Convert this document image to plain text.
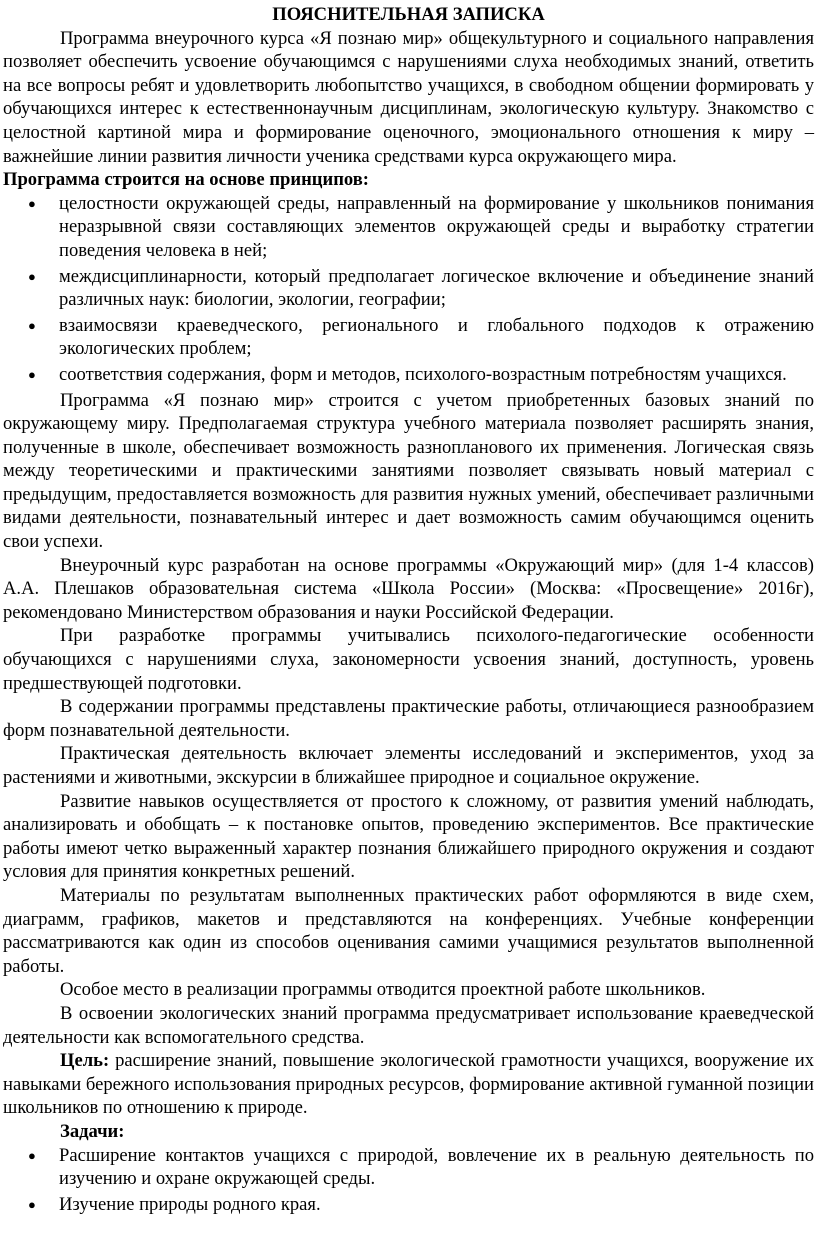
ПОЯСНИТЕЛЬНАЯ ЗАПИСКА

Программа внеурочного курса «Я познаю мир» общекультурного и социального направления позволяет обеспечить усвоение обучающимся с нарушениями слуха необходимых знаний, ответить на все вопросы ребят и удовлетворить любопытство учащихся, в свободном общении формировать у обучающихся интерес к естественнонаучным дисциплинам, экологическую культуру. Знакомство с целостной картиной мира и формирование оценочного, эмоционального отношения к миру – важнейшие линии развития личности ученика средствами курса окружающего мира.

Программа строится на основе принципов:

● целостности окружающей среды, направленный на формирование у школьников понимания неразрывной связи составляющих элементов окружающей среды и выработку стратегии поведения человека в ней;
● междисциплинарности, который предполагает логическое включение и объединение знаний различных наук: биологии, экологии, географии;
● взаимосвязи краеведческого, регионального и глобального подходов к отражению экологических проблем;
● соответствия содержания, форм и методов, психолого-возрастным потребностям учащихся.

Программа «Я познаю мир» строится с учетом приобретенных базовых знаний по окружающему миру. Предполагаемая структура учебного материала позволяет расширять знания, полученные в школе, обеспечивает возможность разнопланового их применения. Логическая связь между теоретическими и практическими занятиями позволяет связывать новый материал с предыдущим, предоставляется возможность для развития нужных умений, обеспечивает различными видами деятельности, познавательный интерес и дает возможность самим обучающимся оценить свои успехи.

Внеурочный курс разработан на основе программы «Окружающий мир» (для 1-4 классов) А.А. Плешаков образовательная система «Школа России» (Москва: «Просвещение» 2016г), рекомендовано Министерством образования и науки Российской Федерации.

При разработке программы учитывались психолого-педагогические особенности обучающихся с нарушениями слуха, закономерности усвоения знаний, доступность, уровень предшествующей подготовки.

В содержании программы представлены практические работы, отличающиеся разнообразием форм познавательной деятельности.

Практическая деятельность включает элементы исследований и экспериментов, уход за растениями и животными, экскурсии в ближайшее природное и социальное окружение.

Развитие навыков осуществляется от простого к сложному, от развития умений наблюдать, анализировать и обобщать – к постановке опытов, проведению экспериментов. Все практические работы имеют четко выраженный характер познания ближайшего природного окружения и создают условия для принятия конкретных решений.

Материалы по результатам выполненных практических работ оформляются в виде схем, диаграмм, графиков, макетов и представляются на конференциях. Учебные конференции рассматриваются как один из способов оценивания самими учащимися результатов выполненной работы.

Особое место в реализации программы отводится проектной работе школьников.

В освоении экологических знаний программа предусматривает использование краеведческой деятельности как вспомогательного средства.

Цель: расширение знаний, повышение экологической грамотности учащихся, вооружение их навыками бережного использования природных ресурсов, формирование активной гуманной позиции школьников по отношению к природе.

Задачи:

● Расширение контактов учащихся с природой, вовлечение их в реальную деятельность по изучению и охране окружающей среды.
● Изучение природы родного края.
